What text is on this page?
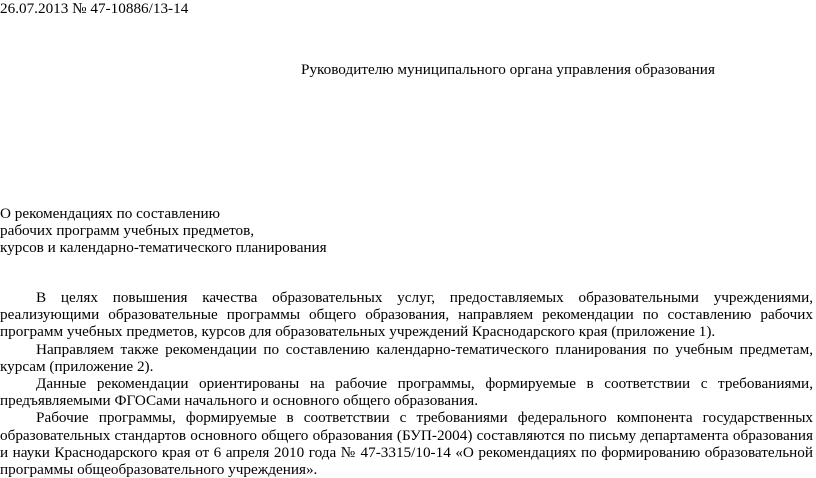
26.07.2013 № 47-10886/13-14
Руководителю муниципального органа управления образования
О рекомендациях по составлению
рабочих программ учебных предметов,
курсов и календарно-тематического планирования

В целях повышения качества образовательных услуг, предоставляемых образовательными учреждениями, реализующими образовательные программы общего образования, направляем рекомендации по составлению рабочих программ учебных предметов, курсов для образовательных учреждений Краснодарского края (приложение 1).

Направляем также рекомендации по составлению календарно-тематического планирования по учебным предметам, курсам (приложение 2).

Данные рекомендации ориентированы на рабочие программы, формируемые в соответствии с требованиями, предъявляемыми ФГОСами начального и основного общего образования.

Рабочие программы, формируемые в соответствии с требованиями федерального компонента государственных образовательных стандартов основного общего образования (БУП-2004) составляются по письму департамента образования и науки Краснодарского края от 6 апреля 2010 года № 47-3315/10-14 «О рекомендациях по формированию образовательной программы общеобразовательного учреждения».
